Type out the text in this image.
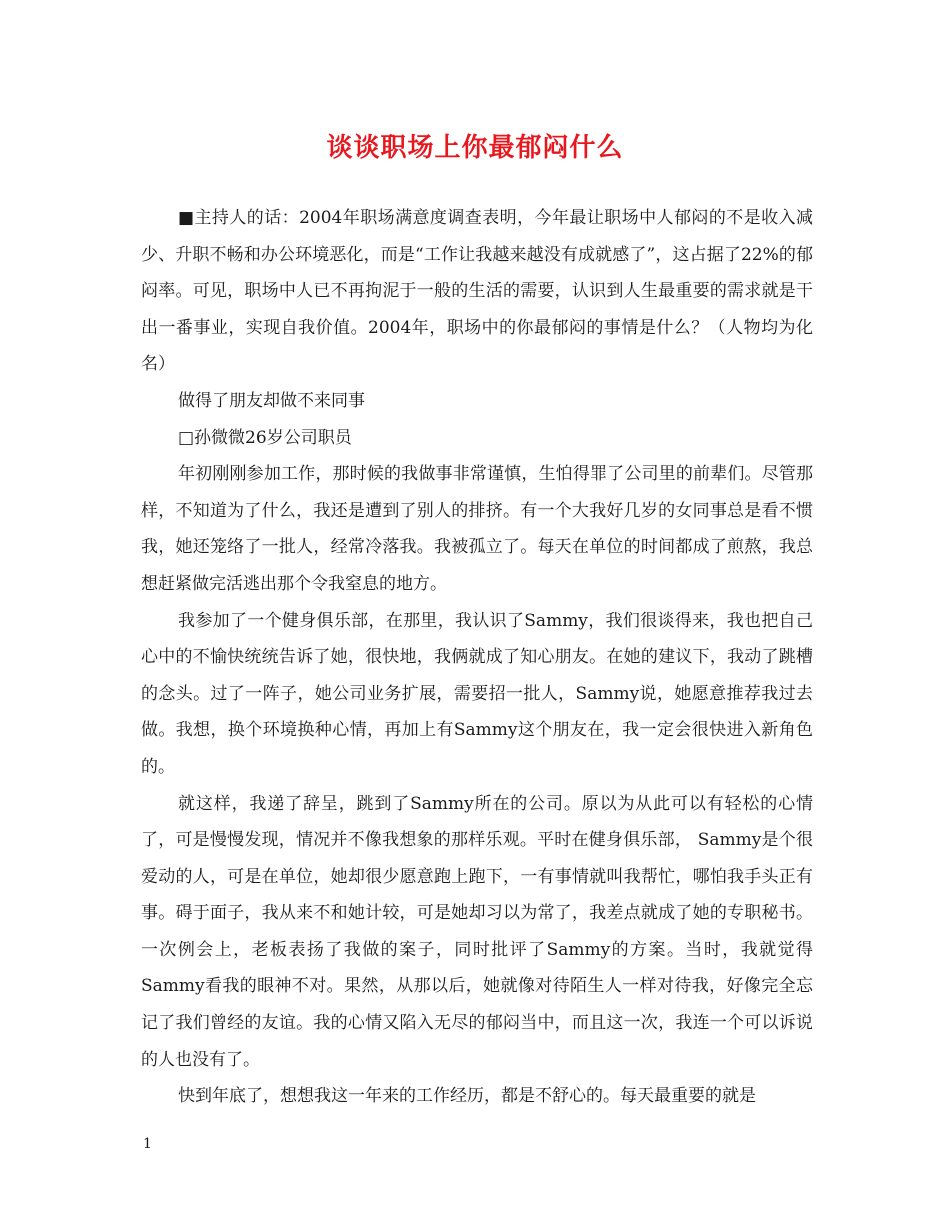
谈谈职场上你最郁闷什么

■主持人的话：2004年职场满意度调查表明，今年最让职场中人郁闷的不是收入减少、升职不畅和办公环境恶化，而是“工作让我越来越没有成就感了”，这占据了22%的郁闷率。可见，职场中人已不再拘泥于一般的生活的需要，认识到人生最重要的需求就是干出一番事业，实现自我价值。2004年，职场中的你最郁闷的事情是什么？（人物均为化名）

做得了朋友却做不来同事

□孙微微26岁公司职员

年初刚刚参加工作，那时候的我做事非常谨慎，生怕得罪了公司里的前辈们。尽管那样，不知道为了什么，我还是遭到了别人的排挤。有一个大我好几岁的女同事总是看不惯我，她还笼络了一批人，经常冷落我。我被孤立了。每天在单位的时间都成了煎熬，我总想赶紧做完活逃出那个令我窒息的地方。

我参加了一个健身俱乐部，在那里，我认识了Sammy，我们很谈得来，我也把自己心中的不愉快统统告诉了她，很快地，我俩就成了知心朋友。在她的建议下，我动了跳槽的念头。过了一阵子，她公司业务扩展，需要招一批人，Sammy说，她愿意推荐我过去做。我想，换个环境换种心情，再加上有Sammy这个朋友在，我一定会很快进入新角色的。

就这样，我递了辞呈，跳到了Sammy所在的公司。原以为从此可以有轻松的心情了，可是慢慢发现，情况并不像我想象的那样乐观。平时在健身俱乐部， Sammy是个很爱动的人，可是在单位，她却很少愿意跑上跑下，一有事情就叫我帮忙，哪怕我手头正有事。碍于面子，我从来不和她计较，可是她却习以为常了，我差点就成了她的专职秘书。一次例会上，老板表扬了我做的案子，同时批评了Sammy的方案。当时，我就觉得Sammy看我的眼神不对。果然，从那以后，她就像对待陌生人一样对待我，好像完全忘记了我们曾经的友谊。我的心情又陷入无尽的郁闷当中，而且这一次，我连一个可以诉说的人也没有了。

快到年底了，想想我这一年来的工作经历，都是不舒心的。每天最重要的就是

1
